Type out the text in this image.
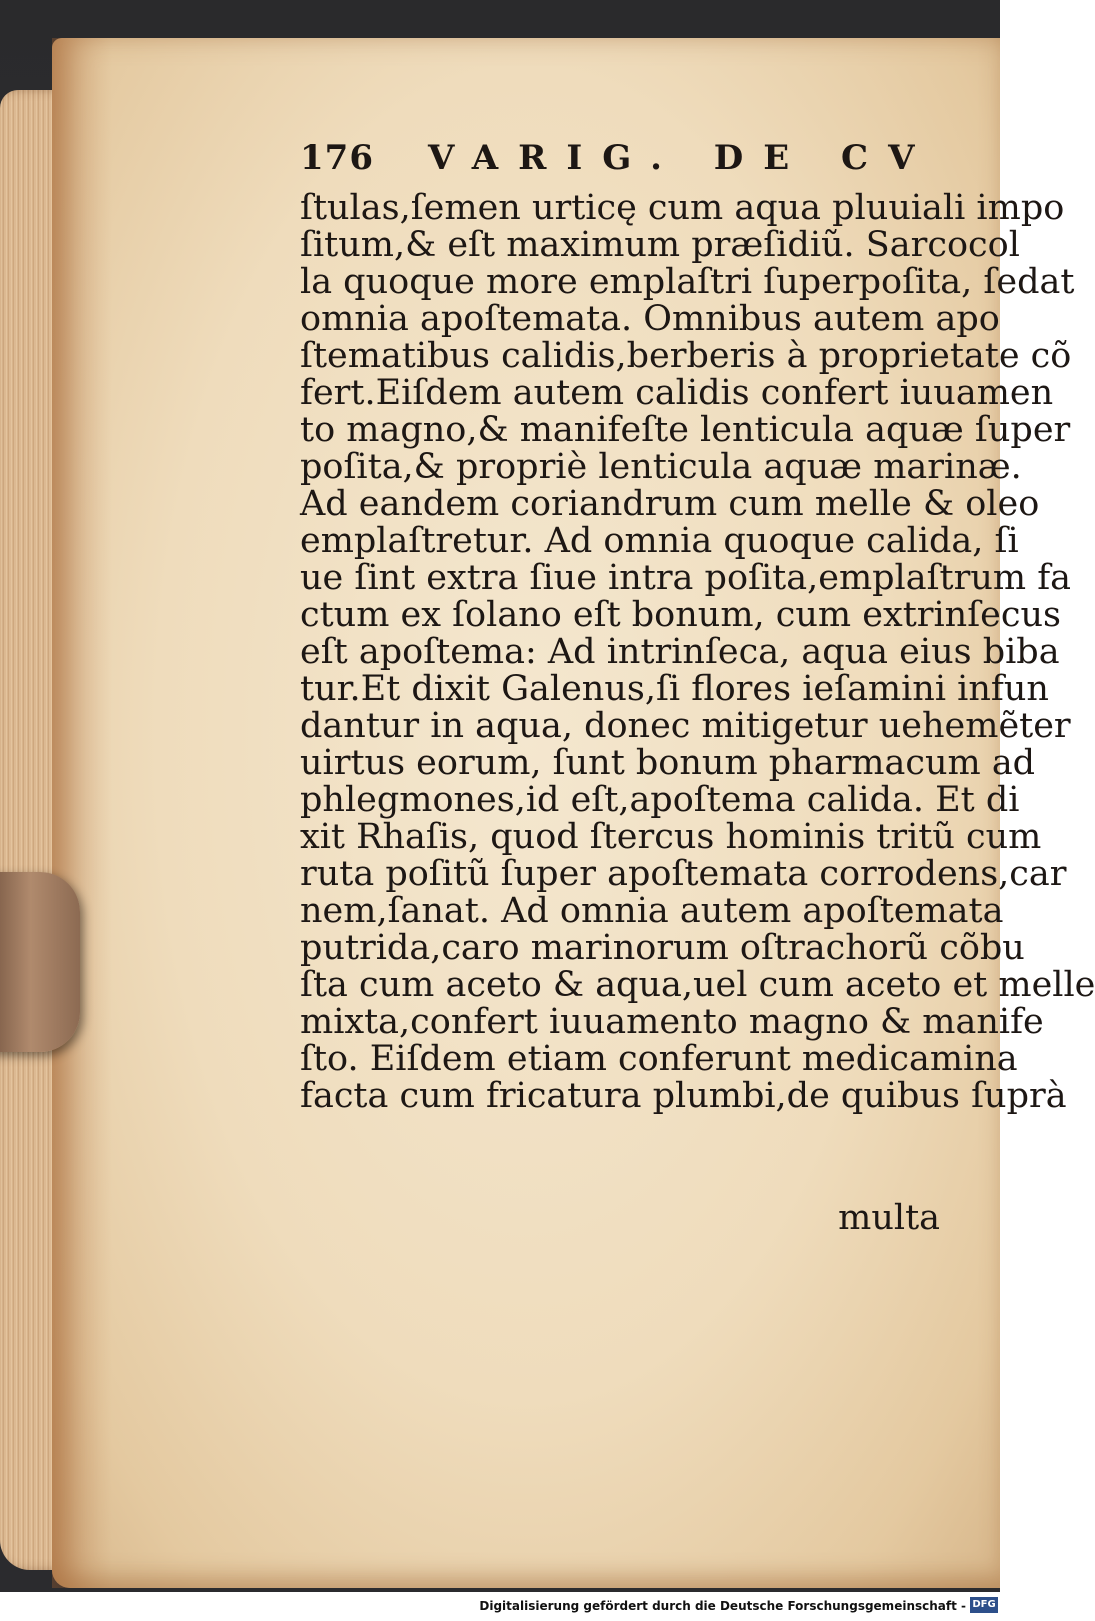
176 VARIG. DE CV
ſtulas,ſemen urticę cum aqua pluuiali impo
ſitum,& eſt maximum præſidiũ. Sarcocol
la quoque more emplaſtri ſuperpoſita, ſedat
omnia apoſtemata. Omnibus autem apo
ſtematibus calidis,berberis à proprietate cõ
fert.Eiſdem autem calidis confert iuuamen
to magno,& manifeſte lenticula aquæ ſuper
poſita,& propriè lenticula aquæ marinæ.
Ad eandem coriandrum cum melle & oleo
emplaſtretur. Ad omnia quoque calida, ſi
ue ſint extra ſiue intra poſita,emplaſtrum fa
ctum ex ſolano eſt bonum, cum extrinſecus
eſt apoſtema: Ad intrinſeca, aqua eius biba
tur.Et dixit Galenus,ſi flores ieſamini infun
dantur in aqua, donec mitigetur uehemẽter
uirtus eorum, ſunt bonum pharmacum ad
phlegmones,id eſt,apoſtema calida. Et di
xit Rhaſis, quod ſtercus hominis tritũ cum
ruta poſitũ ſuper apoſtemata corrodens,car
nem,ſanat. Ad omnia autem apoſtemata
putrida,caro marinorum oſtrachorũ cõbu
ſta cum aceto & aqua,uel cum aceto et melle
mixta,confert iuuamento magno & manife
ſto. Eiſdem etiam conferunt medicamina
facta cum fricatura plumbi,de quibus ſuprà
multa
Digitalisierung gefördert durch die Deutsche Forschungsgemeinschaft - DFG
